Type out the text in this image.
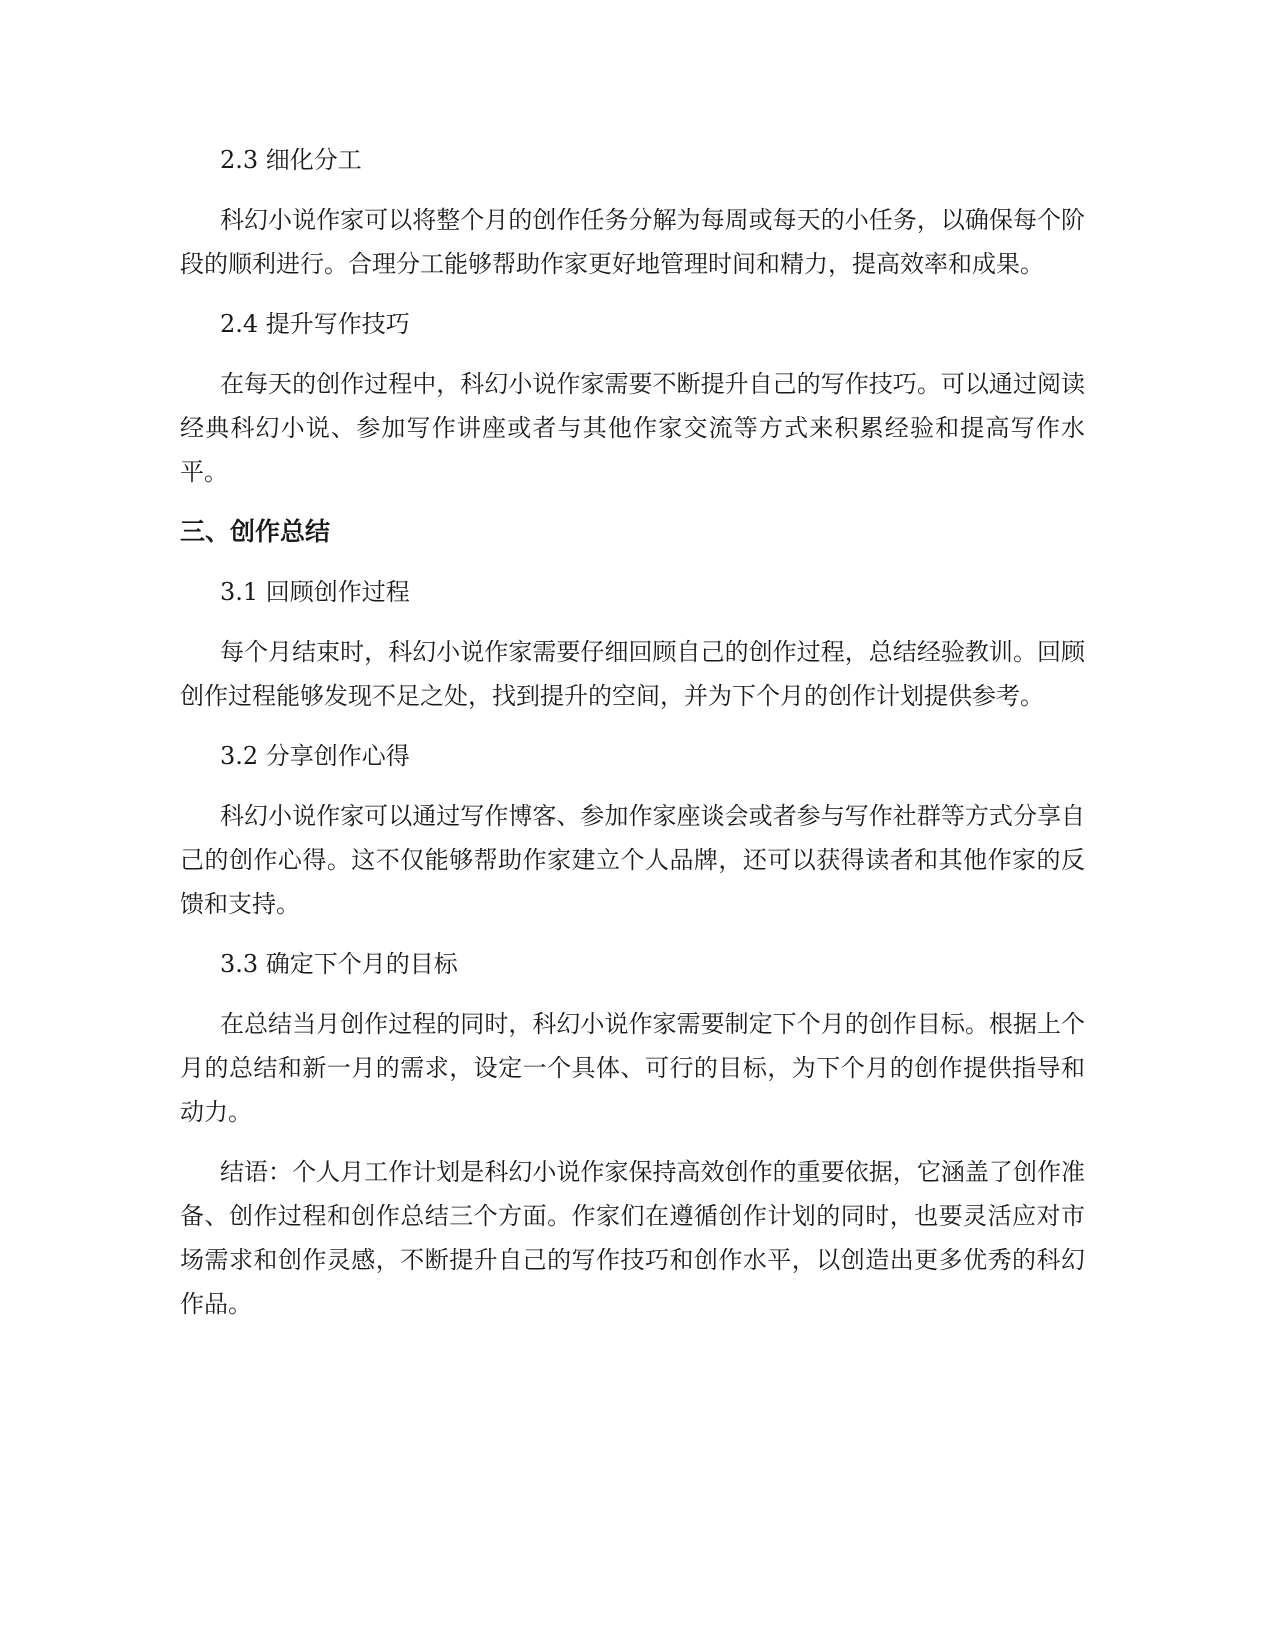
2.3 细化分工

科幻小说作家可以将整个月的创作任务分解为每周或每天的小任务，以确保每个阶段的顺利进行。合理分工能够帮助作家更好地管理时间和精力，提高效率和成果。

2.4 提升写作技巧

在每天的创作过程中，科幻小说作家需要不断提升自己的写作技巧。可以通过阅读经典科幻小说、参加写作讲座或者与其他作家交流等方式来积累经验和提高写作水平。

三、创作总结

3.1 回顾创作过程

每个月结束时，科幻小说作家需要仔细回顾自己的创作过程，总结经验教训。回顾创作过程能够发现不足之处，找到提升的空间，并为下个月的创作计划提供参考。

3.2 分享创作心得

科幻小说作家可以通过写作博客、参加作家座谈会或者参与写作社群等方式分享自己的创作心得。这不仅能够帮助作家建立个人品牌，还可以获得读者和其他作家的反馈和支持。

3.3 确定下个月的目标

在总结当月创作过程的同时，科幻小说作家需要制定下个月的创作目标。根据上个月的总结和新一月的需求，设定一个具体、可行的目标，为下个月的创作提供指导和动力。

结语：个人月工作计划是科幻小说作家保持高效创作的重要依据，它涵盖了创作准备、创作过程和创作总结三个方面。作家们在遵循创作计划的同时，也要灵活应对市场需求和创作灵感，不断提升自己的写作技巧和创作水平，以创造出更多优秀的科幻作品。
